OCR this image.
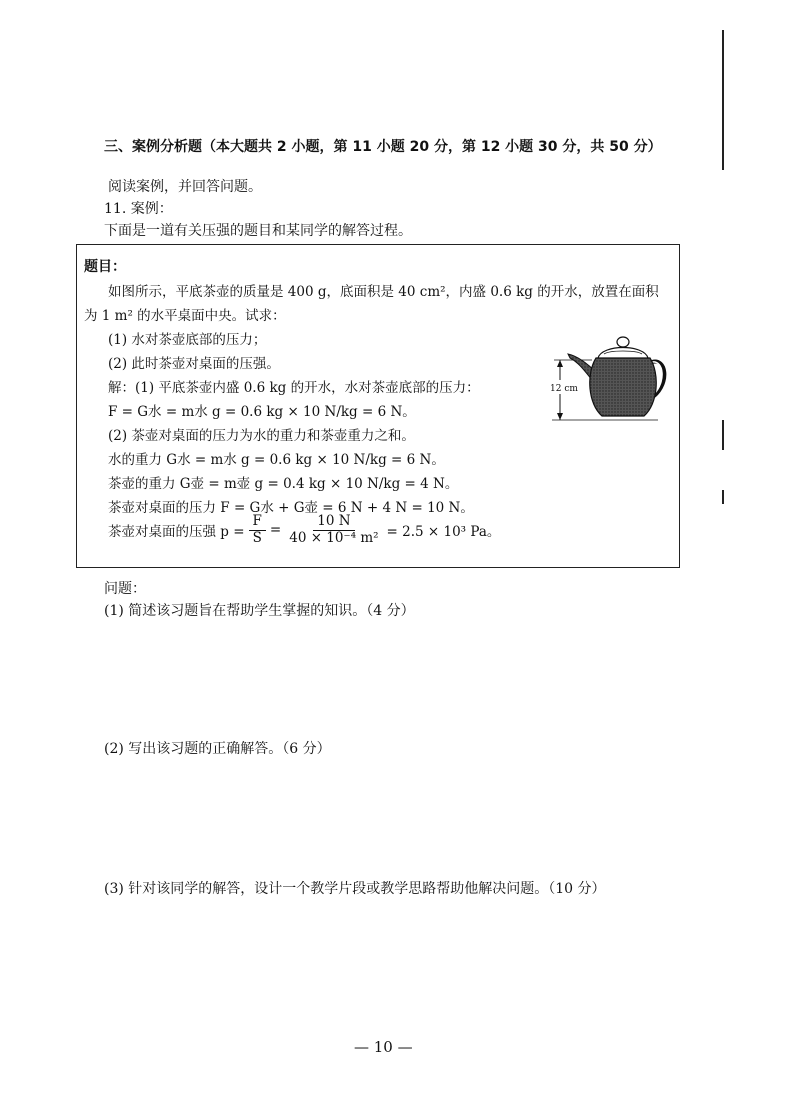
三、案例分析题（本大题共 2 小题，第 11 小题 20 分，第 12 小题 30 分，共 50 分）
阅读案例，并回答问题。
11. 案例：
下面是一道有关压强的题目和某同学的解答过程。
题目：
如图所示，平底茶壶的质量是 400 g，底面积是 40 cm²，内盛 0.6 kg 的开水，放置在面积
为 1 m² 的水平桌面中央。试求：
(1) 水对茶壶底部的压力；
(2) 此时茶壶对桌面的压强。
解：(1) 平底茶壶内盛 0.6 kg 的开水，水对茶壶底部的压力：
F = G水 = m水 g = 0.6 kg × 10 N/kg = 6 N。
(2) 茶壶对桌面的压力为水的重力和茶壶重力之和。
水的重力 G水 = m水 g = 0.6 kg × 10 N/kg = 6 N。
茶壶的重力 G壶 = m壶 g = 0.4 kg × 10 N/kg = 4 N。
茶壶对桌面的压力 F = G水 + G壶 = 6 N + 4 N = 10 N。
茶壶对桌面的压强 $p = \frac{F}{S} = \frac{10 N}{\text{40 × 10⁻⁴ m²}} = 2.5 \times 10^3$ Pa。
12 cm
问题：
(1) 简述该习题旨在帮助学生掌握的知识。（4 分）
(2) 写出该习题的正确解答。（6 分）
(3) 针对该同学的解答，设计一个教学片段或教学思路帮助他解决问题。（10 分）
— 10 —
